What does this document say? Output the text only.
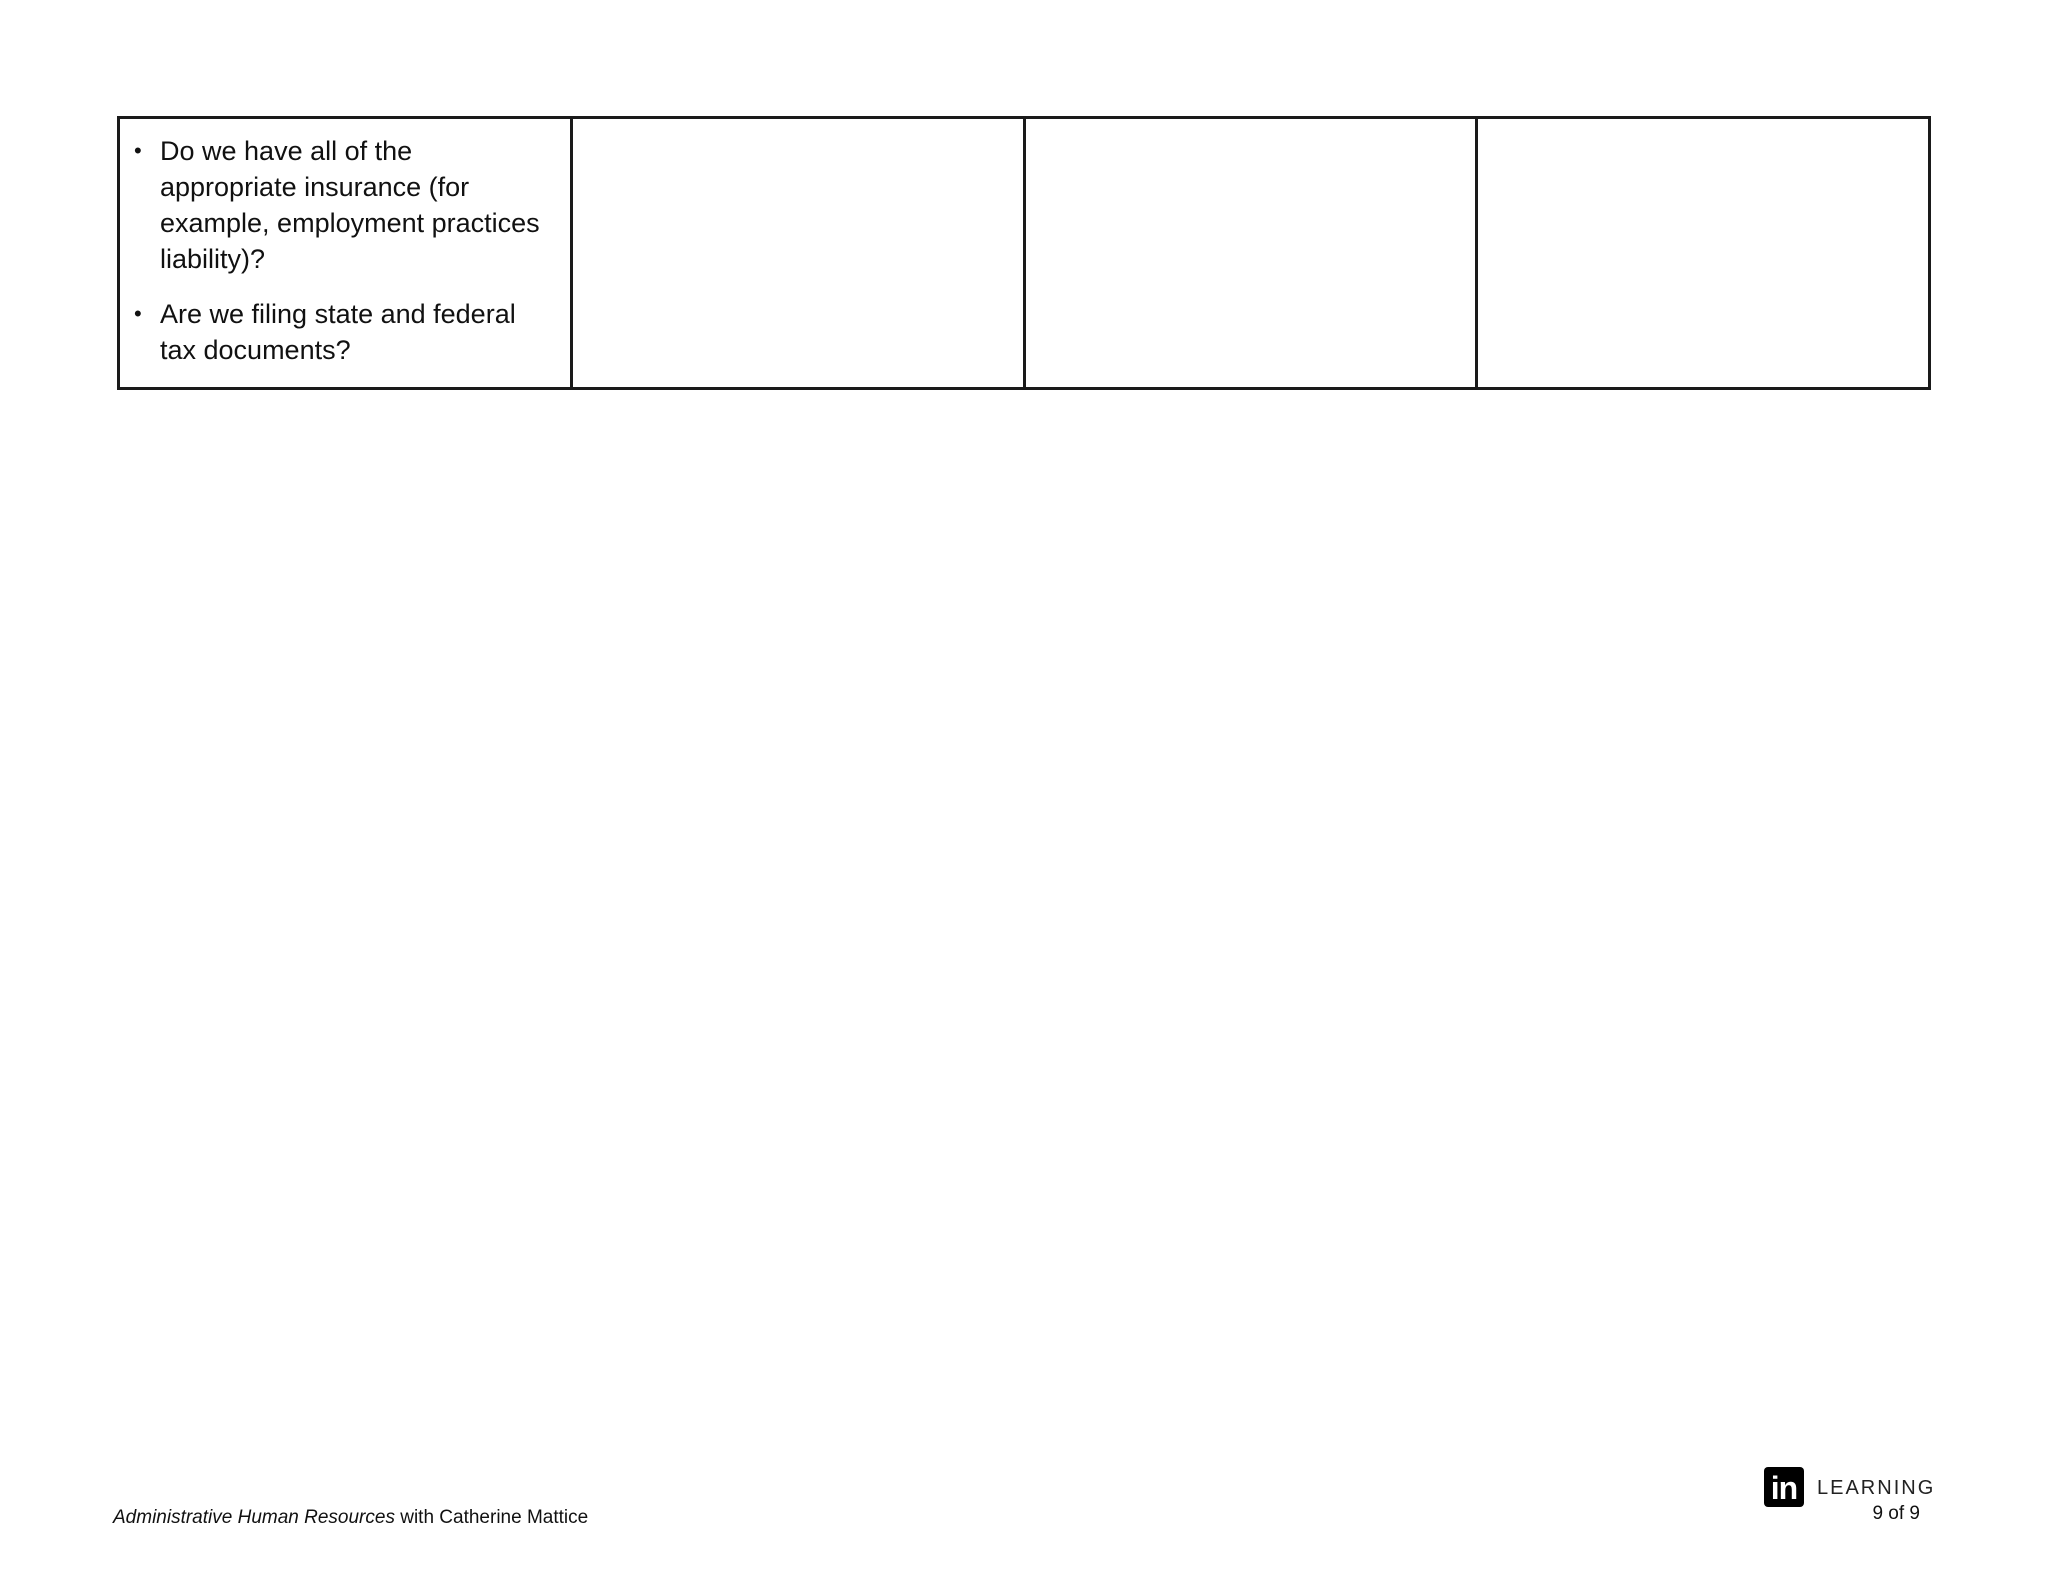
• Do we have all of the appropriate insurance (for example, employment practices liability)?
• Are we filing state and federal tax documents?

Administrative Human Resources with Catherine Mattice
in LEARNING
9 of 9
